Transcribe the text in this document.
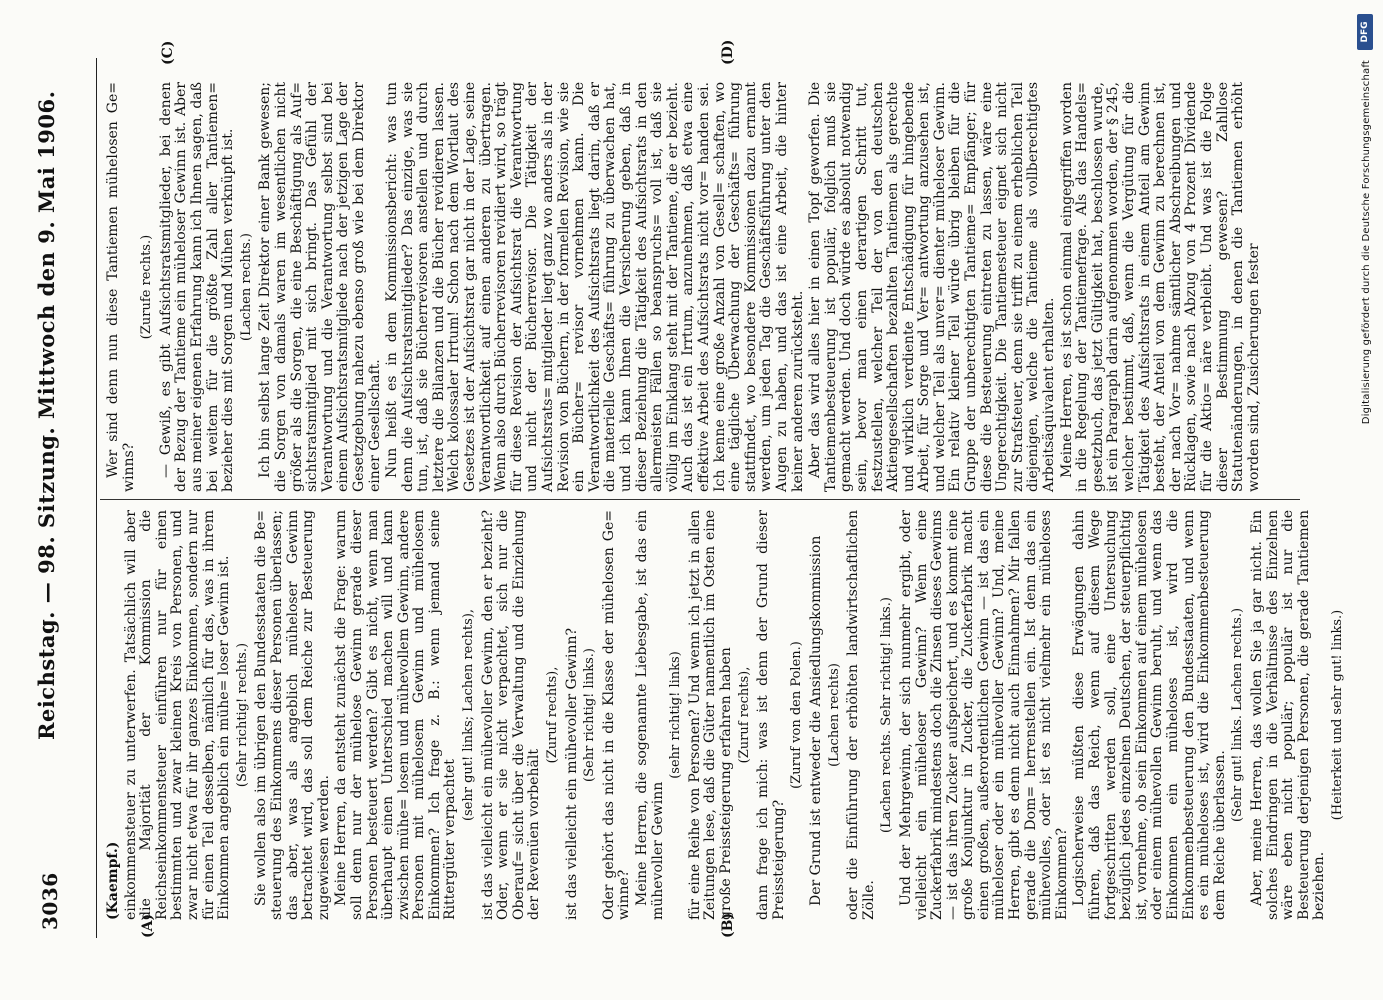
3036
Reichstag. — 98. Sitzung. Mittwoch den 9. Mai 1906.
(A)	(B)
(C)	(D)
(Kaempf.) einkommensteuer zu unterwerfen. Tatsächlich will aber die Majorität der Kommission die Reichseinkommensteuer einführen nur für einen bestimmten und zwar kleinen Kreis von Personen, und zwar nicht etwa für ihr ganzes Einkommen, sondern nur für einen Teil desselben, nämlich für das, was in ihrem Einkommen angeblich ein mühe= loser Gewinn ist. (Sehr richtig! rechts.) Sie wollen also im übrigen den Bundesstaaten die Be= steuerung des Einkommens dieser Personen überlassen; das aber, was als angeblich müheloser Gewinn betrachtet wird, das soll dem Reiche zur Besteuerung zugewiesen werden. Meine Herren, da entsteht zunächst die Frage: warum soll denn nur der mühelose Gewinn gerade dieser Personen besteuert werden? Gibt es nicht, wenn man überhaupt einen Unterschied machen will und kann zwischen mühe= losem und mühevollem Gewinn, andere Personen mit mühelosem Gewinn und mühelosem Einkommen? Ich frage z. B.: wenn jemand seine Rittergüter verpachtet

(sehr gut! links; Lachen rechts), ist das vielleicht ein mühevoller Gewinn, den er bezieht? Oder, wenn er sie nicht verpachtet, sich nur die Oberauf= sicht über die Verwaltung und die Einziehung der Revenüen vorbehält

(Zuruf rechts), ist das vielleicht ein mühevoller Gewinn? (Sehr richtig! links.) Oder gehört das nicht in die Klasse der mühelosen Ge= winne? Meine Herren, die sogenannte Liebesgabe, ist das ein mühevoller Gewinn

(sehr richtig! links) für eine Reihe von Personen? Und wenn ich jetzt in allen Zeitungen lese, daß die Güter namentlich im Osten eine große Preissteigerung erfahren haben (Zuruf rechts), dann frage ich mich: was ist denn der Grund dieser Preissteigerung?

(Zuruf von den Polen.) Der Grund ist entweder die Ansiedlungskommission (Lachen rechts) oder die Einführung der erhöhten landwirtschaftlichen Zölle.

(Lachen rechts. Sehr richtig! links.) Und der Mehrgewinn, der sich nunmehr ergibt, oder vielleicht ein müheloser Gewinn? Wenn eine Zuckerfabrik mindestens doch die Zinsen dieses Gewinns — ist das ihren Zucker aufspeichert, und es kommt eine große Konjunktur in Zucker, die Zuckerfabrik macht einen großen, außerordentlichen Gewinn — ist das ein müheloser oder ein mühevoller Gewinn? Und, meine Herren, gibt es denn nicht auch Einnahmen? Mir fallen gerade die Dom= herrenstellen ein. Ist denn das ein mühevolles, oder ist es nicht vielmehr ein müheloses Einkommen? Logischerweise müßten diese Erwägungen dahin führen, daß das Reich, wenn auf diesem Wege fortgeschritten werden soll, eine Untersuchung bezüglich jedes einzelnen Deutschen, der steuerpflichtig ist, vornehme, ob sein Einkommen auf einem mühelosen oder einem mühevollen Gewinn beruht, und wenn das Einkommen ein müheloses ist, wird die Einkommenbesteuerung den Bundesstaaten, und wenn es ein müheloses ist, wird die Einkommenbesteuerung dem Reiche überlassen.

(Sehr gut! links. Lachen rechts.) Aber, meine Herren, das wollen Sie ja gar nicht. Ein solches Eindringen in die Verhältnisse des Einzelnen wäre eben nicht populär; populär ist nur die Besteuerung derjenigen Personen, die gerade Tantiemen beziehen.

(Heiterkeit und sehr gut! links.)

Wer sind denn nun diese Tantiemen mühelosen Ge= winns?

(Zurufe rechts.) — Gewiß, es gibt Aufsichtsratsmitglieder, bei denen der Bezug der Tantieme ein müheloser Gewinn ist. Aber aus meiner eigenen Erfahrung kann ich Ihnen sagen, daß bei weitem für die größte Zahl aller Tantiemen= bezieher dies mit Sorgen und Mühen verknüpft ist. (Lachen rechts.) Ich bin selbst lange Zeit Direktor einer Bank gewesen; die Sorgen von damals waren im wesentlichen nicht größer als die Sorgen, die eine Beschäftigung als Auf= sichtsratsmitglied mit sich bringt. Das Gefühl der Verantwortung und die Verantwortung selbst sind bei einem Aufsichtsratsmitgliede nach der jetzigen Lage der Gesetzgebung nahezu ebenso groß wie bei dem Direktor einer Gesellschaft. Nun heißt es in dem Kommissionsbericht: was tun denn die Aufsichtsratsmitglieder? Das einzige, was sie tun, ist, daß sie Bücherrevisoren anstellen und durch letztere die Bilanzen und die Bücher revidieren lassen. Welch kolossaler Irrtum! Schon nach dem Wortlaut des Gesetzes ist der Aufsichtsrat gar nicht in der Lage, seine Verantwortlichkeit auf einen anderen zu übertragen. Wenn also durch Bücherrevisoren revidiert wird, so trägt für diese Revision der Aufsichtsrat die Verantwortung und nicht der Bücherrevisor. Die Tätigkeit der Aufsichtsrats= mitglieder liegt ganz wo anders als in der Revision von Büchern, in der formellen Revision, wie sie ein Bücher= revisor vornehmen kann. Die Verantwortlichkeit des Aufsichtsrats liegt darin, daß er die materielle Geschäfts= führung zu überwachen hat, und ich kann Ihnen die Versicherung geben, daß in dieser Beziehung die Tätigkeit des Aufsichtsrats in den allermeisten Fällen so beanspruchs= voll ist, daß sie völlig im Einklang steht mit der Tantieme, die er bezieht. Auch das ist ein Irrtum, anzunehmen, daß etwa eine effektive Arbeit des Aufsichtsrats nicht vor= handen sei. Ich kenne eine große Anzahl von Gesell= schaften, wo eine tägliche Überwachung der Geschäfts= führung stattfindet, wo besondere Kommissionen dazu ernannt werden, um jeden Tag die Geschäftsführung unter den Augen zu haben, und das ist eine Arbeit, die hinter keiner anderen zurücksteht. Aber das wird alles hier in einen Topf geworfen. Die Tantiemenbesteuerung ist populär, folglich muß sie gemacht werden. Und doch würde es absolut notwendig sein, bevor man einen derartigen Schritt tut, festzustellen, welcher Teil der von den deutschen Aktiengesellschaften bezahlten Tantiemen als gerechte und wirklich verdiente Entschädigung für hingebende Arbeit, für Sorge und Ver= antwortung anzusehen ist, und welcher Teil als unver= dienter müheloser Gewinn. Ein relativ kleiner Teil würde übrig bleiben für die Gruppe der unberechtigten Tantieme= Empfänger; für diese die Besteuerung eintreten zu lassen, wäre eine Ungerechtigkeit. Die Tantiemesteuer eignet sich nicht zur Strafsteuer, denn sie trifft zu einem erheblichen Teil diejenigen, welche die Tantieme als vollberechtigtes Arbeitsäquivalent erhalten. Meine Herren, es ist schon einmal eingegriffen worden in die Regelung der Tantiemefrage. Als das Handels= gesetzbuch, das jetzt Gültigkeit hat, beschlossen wurde, ist ein Paragraph darin aufgenommen worden, der § 245, welcher bestimmt, daß, wenn die Vergütung für die Tätigkeit des Aufsichtsrats in einem Anteil am Gewinn besteht, der Anteil von dem Gewinn zu berechnen ist, der nach Vor= nahme sämtlicher Abschreibungen und Rücklagen, sowie nach Abzug von 4 Prozent Dividende für die Aktio= näre verbleibt. Und was ist die Folge dieser Bestimmung gewesen? Zahllose Statutenänderungen, in denen die Tantiemen erhöht worden sind, Zusicherungen fester	Digitalisierung gefördert durch die Deutsche Forschungsgemeinschaft
DFG
